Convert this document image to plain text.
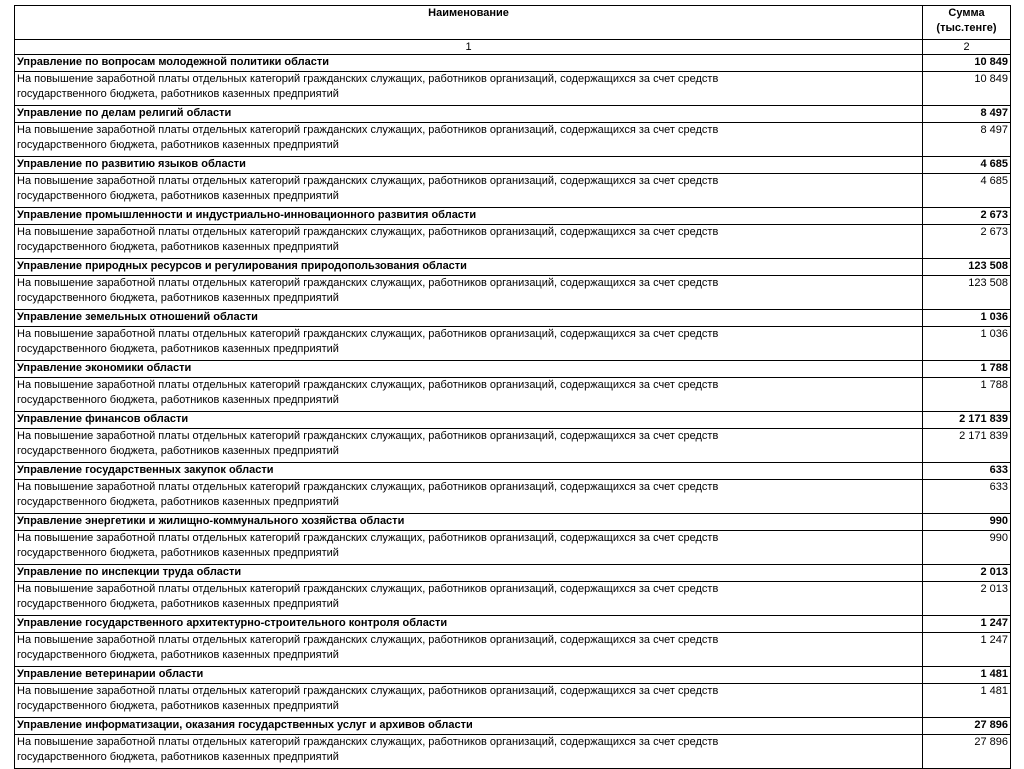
Наименование	Сумма
(тыс.тенге)
1	2
Управление по вопросам молодежной политики области	10 849
На повышение заработной платы отдельных категорий гражданских служащих, работников организаций, содержащихся за счет средств
государственного бюджета, работников казенных предприятий	10 849
Управление по делам религий области	8 497
На повышение заработной платы отдельных категорий гражданских служащих, работников организаций, содержащихся за счет средств
государственного бюджета, работников казенных предприятий	8 497
Управление по развитию языков области	4 685
На повышение заработной платы отдельных категорий гражданских служащих, работников организаций, содержащихся за счет средств
государственного бюджета, работников казенных предприятий	4 685
Управление промышленности и индустриально-инновационного развития области	2 673
На повышение заработной платы отдельных категорий гражданских служащих, работников организаций, содержащихся за счет средств
государственного бюджета, работников казенных предприятий	2 673
Управление природных ресурсов и регулирования природопользования области	123 508
На повышение заработной платы отдельных категорий гражданских служащих, работников организаций, содержащихся за счет средств
государственного бюджета, работников казенных предприятий	123 508
Управление земельных отношений области	1 036
На повышение заработной платы отдельных категорий гражданских служащих, работников организаций, содержащихся за счет средств
государственного бюджета, работников казенных предприятий	1 036
Управление экономики области	1 788
На повышение заработной платы отдельных категорий гражданских служащих, работников организаций, содержащихся за счет средств
государственного бюджета, работников казенных предприятий	1 788
Управление финансов области	2 171 839
На повышение заработной платы отдельных категорий гражданских служащих, работников организаций, содержащихся за счет средств
государственного бюджета, работников казенных предприятий	2 171 839
Управление государственных закупок области	633
На повышение заработной платы отдельных категорий гражданских служащих, работников организаций, содержащихся за счет средств
государственного бюджета, работников казенных предприятий	633
Управление энергетики и жилищно-коммунального хозяйства области	990
На повышение заработной платы отдельных категорий гражданских служащих, работников организаций, содержащихся за счет средств
государственного бюджета, работников казенных предприятий	990
Управление по инспекции труда области	2 013
На повышение заработной платы отдельных категорий гражданских служащих, работников организаций, содержащихся за счет средств
государственного бюджета, работников казенных предприятий	2 013
Управление государственного архитектурно-строительного контроля области	1 247
На повышение заработной платы отдельных категорий гражданских служащих, работников организаций, содержащихся за счет средств
государственного бюджета, работников казенных предприятий	1 247
Управление ветеринарии области	1 481
На повышение заработной платы отдельных категорий гражданских служащих, работников организаций, содержащихся за счет средств
государственного бюджета, работников казенных предприятий	1 481
Управление информатизации, оказания государственных услуг и архивов области	27 896
На повышение заработной платы отдельных категорий гражданских служащих, работников организаций, содержащихся за счет средств
государственного бюджета, работников казенных предприятий	27 896
